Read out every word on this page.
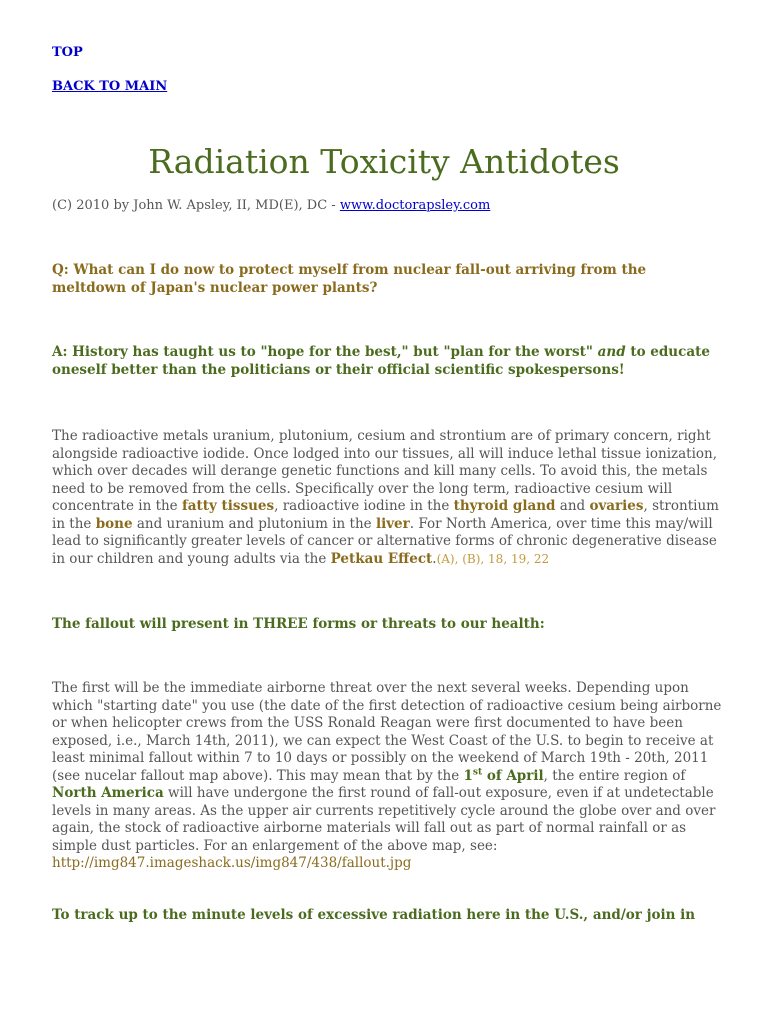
TOP
BACK TO MAIN
Radiation Toxicity Antidotes
(C) 2010 by John W. Apsley, II, MD(E), DC - www.doctorapsley.com
Q: What can I do now to protect myself from nuclear fall-out arriving from the meltdown of Japan's nuclear power plants?
A: History has taught us to "hope for the best," but "plan for the worst" and to educate oneself better than the politicians or their official scientific spokespersons!
The radioactive metals uranium, plutonium, cesium and strontium are of primary concern, right alongside radioactive iodide. Once lodged into our tissues, all will induce lethal tissue ionization, which over decades will derange genetic functions and kill many cells. To avoid this, the metals need to be removed from the cells. Specifically over the long term, radioactive cesium will concentrate in the fatty tissues, radioactive iodine in the thyroid gland and ovaries, strontium in the bone and uranium and plutonium in the liver. For North America, over time this may/will lead to significantly greater levels of cancer or alternative forms of chronic degenerative disease in our children and young adults via the Petkau Effect.(A), (B), 18, 19, 22
The fallout will present in THREE forms or threats to our health:
The first will be the immediate airborne threat over the next several weeks. Depending upon which "starting date" you use (the date of the first detection of radioactive cesium being airborne or when helicopter crews from the USS Ronald Reagan were first documented to have been exposed, i.e., March 14th, 2011), we can expect the West Coast of the U.S. to begin to receive at least minimal fallout within 7 to 10 days or possibly on the weekend of March 19th - 20th, 2011 (see nucelar fallout map above). This may mean that by the 1st of April, the entire region of North America will have undergone the first round of fall-out exposure, even if at undetectable levels in many areas. As the upper air currents repetitively cycle around the globe over and over again, the stock of radioactive airborne materials will fall out as part of normal rainfall or as simple dust particles. For an enlargement of the above map, see: http://img847.imageshack.us/img847/438/fallout.jpg
To track up to the minute levels of excessive radiation here in the U.S., and/or join in
